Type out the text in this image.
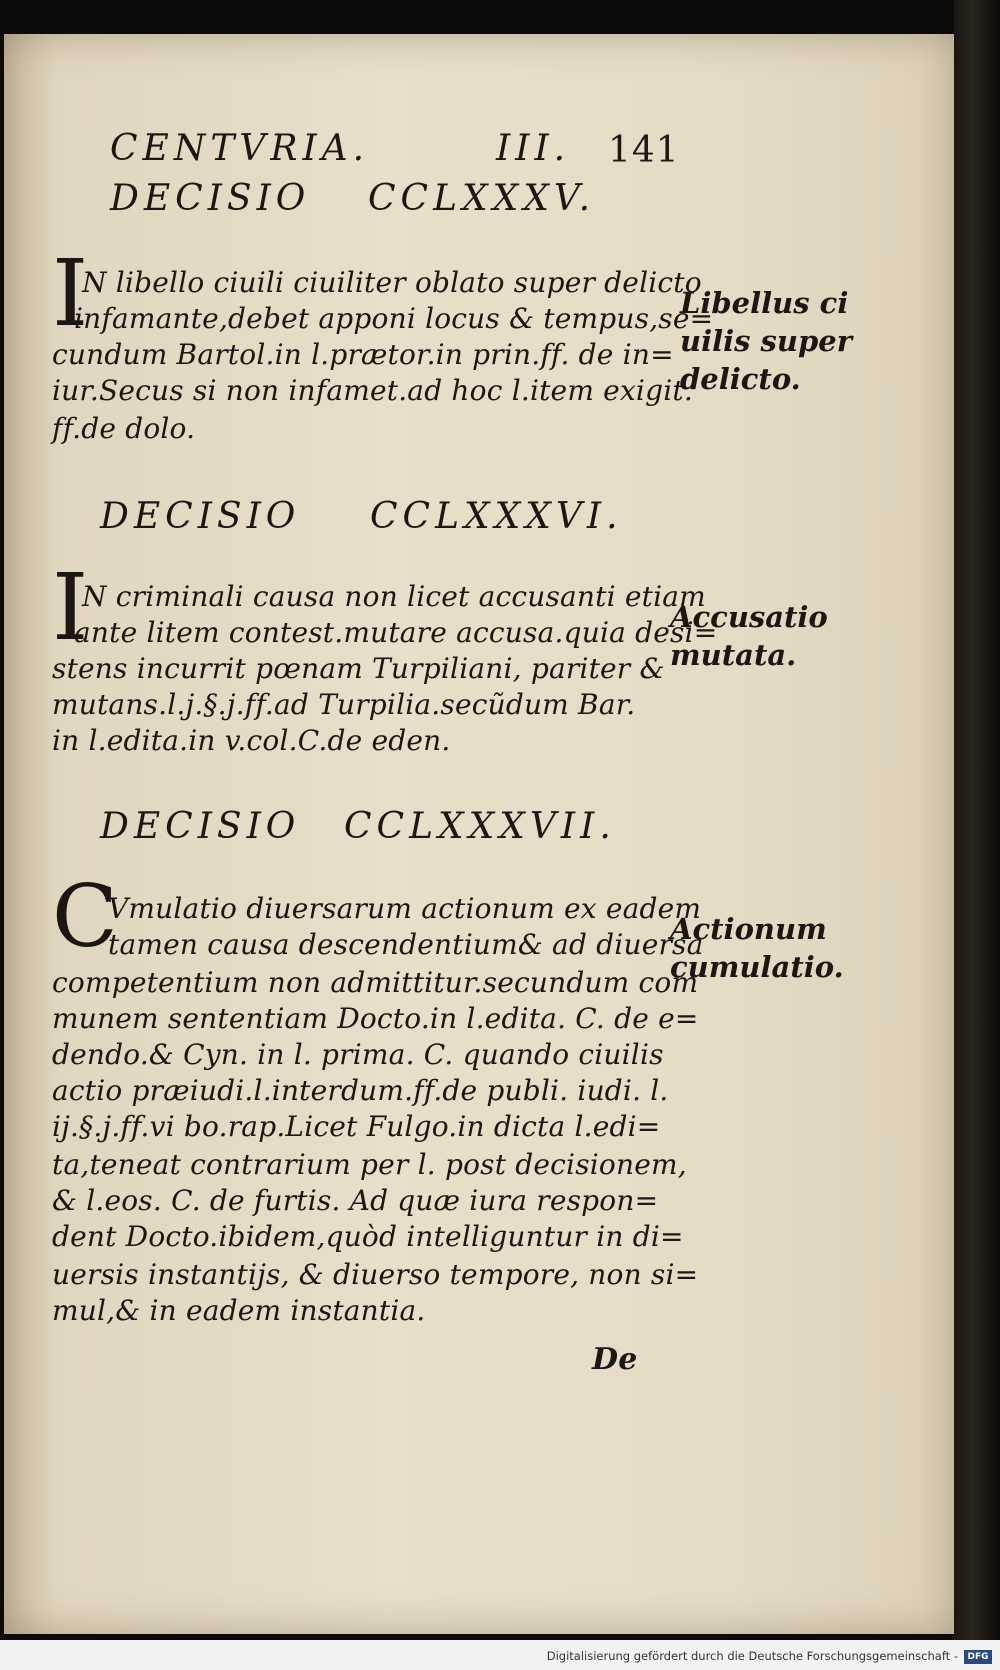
CENTVRIA.	III. 141
DECISIO CCLXXXV.
I
N libello ciuili ciuiliter oblato super delicto
infamante,debet apponi locus & tempus,se=
cundum Bartol.in l.prætor.in prin.ff. de in=
iur.Secus si non infamet.ad hoc l.item exigit.
ff.de dolo.
Libellus ci
uilis super
delicto.
DECISIO CCLXXXVI.
I
N criminali causa non licet accusanti etiam
ante litem contest.mutare accusa.quia desi=
stens incurrit pœnam Turpiliani, pariter &
mutans.l.j.§.j.ff.ad Turpilia.secũdum Bar.
in l.edita.in v.col.C.de eden.
Accusatio
mutata.
DECISIO CCLXXXVII.
C
Vmulatio diuersarum actionum ex eadem
tamen causa descendentium& ad diuersa
competentium non admittitur.secundum com
munem sententiam Docto.in l.edita. C. de e=
dendo.& Cyn. in l. prima. C. quando ciuilis
actio præiudi.l.interdum.ff.de publi. iudi. l.
ij.§.j.ff.vi bo.rap.Licet Fulgo.in dicta l.edi=
ta,teneat contrarium per l. post decisionem,
& l.eos. C. de furtis. Ad quæ iura respon=
dent Docto.ibidem,quòd intelliguntur in di=
uersis instantijs, & diuerso tempore, non si=
mul,& in eadem instantia.
Actionum
cumulatio.
De
Digitalisierung gefördert durch die Deutsche Forschungsgemeinschaft -	DFG
